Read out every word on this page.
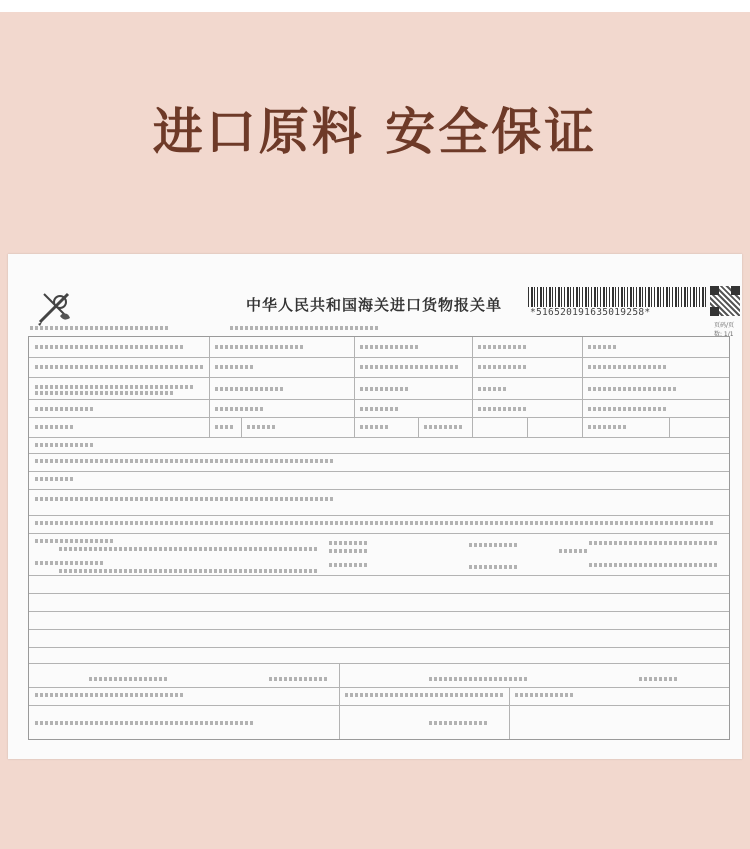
进口原料 安全保证
中华人民共和国海关进口货物报关单	*516520191635019258*
页码/页数: 1/1
